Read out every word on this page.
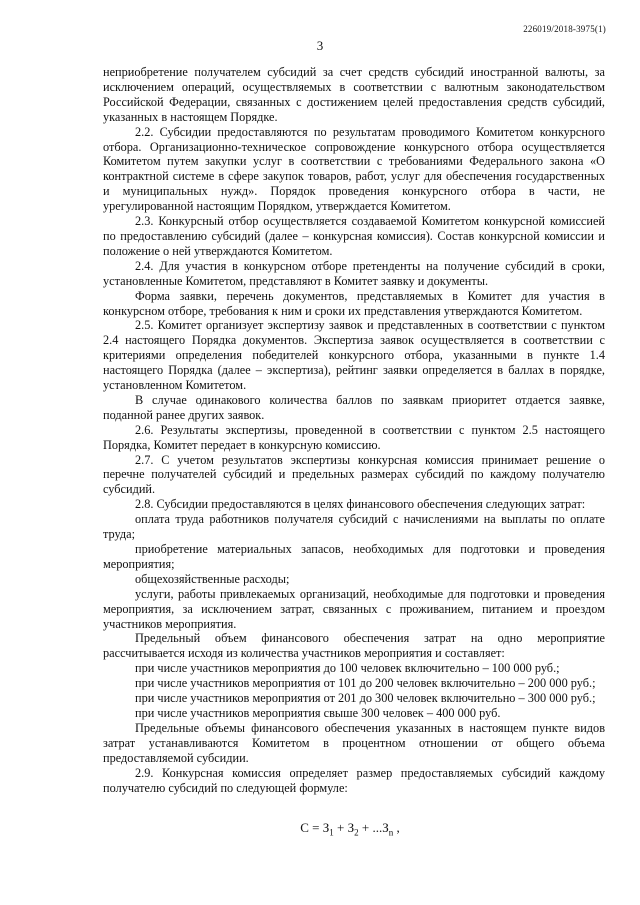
226019/2018-3975(1)
3

неприобретение получателем субсидий за счет средств субсидий иностранной валюты, за исключением операций, осуществляемых в соответствии с валютным законодательством Российской Федерации, связанных с достижением целей предоставления средств субсидий, указанных в настоящем Порядке.

2.2. Субсидии предоставляются по результатам проводимого Комитетом конкурсного отбора. Организационно-техническое сопровождение конкурсного отбора осуществляется Комитетом путем закупки услуг в соответствии с требованиями Федерального закона «О контрактной системе в сфере закупок товаров, работ, услуг для обеспечения государственных и муниципальных нужд». Порядок проведения конкурсного отбора в части, не урегулированной настоящим Порядком, утверждается Комитетом.

2.3. Конкурсный отбор осуществляется создаваемой Комитетом конкурсной комиссией по предоставлению субсидий (далее – конкурсная комиссия). Состав конкурсной комиссии и положение о ней утверждаются Комитетом.

2.4. Для участия в конкурсном отборе претенденты на получение субсидий в сроки, установленные Комитетом, представляют в Комитет заявку и документы.

Форма заявки, перечень документов, представляемых в Комитет для участия в конкурсном отборе, требования к ним и сроки их представления утверждаются Комитетом.

2.5. Комитет организует экспертизу заявок и представленных в соответствии с пунктом 2.4 настоящего Порядка документов. Экспертиза заявок осуществляется в соответствии с критериями определения победителей конкурсного отбора, указанными в пункте 1.4 настоящего Порядка (далее – экспертиза), рейтинг заявки определяется в баллах в порядке, установленном Комитетом.

В случае одинакового количества баллов по заявкам приоритет отдается заявке, поданной ранее других заявок.

2.6. Результаты экспертизы, проведенной в соответствии с пунктом 2.5 настоящего Порядка, Комитет передает в конкурсную комиссию.

2.7. С учетом результатов экспертизы конкурсная комиссия принимает решение о перечне получателей субсидий и предельных размерах субсидий по каждому получателю субсидий.

2.8. Субсидии предоставляются в целях финансового обеспечения следующих затрат:

оплата труда работников получателя субсидий с начислениями на выплаты по оплате труда;

приобретение материальных запасов, необходимых для подготовки и проведения мероприятия;

общехозяйственные расходы;

услуги, работы привлекаемых организаций, необходимые для подготовки и проведения мероприятия, за исключением затрат, связанных с проживанием, питанием и проездом участников мероприятия.

Предельный объем финансового обеспечения затрат на одно мероприятие рассчитывается исходя из количества участников мероприятия и составляет:

при числе участников мероприятия до 100 человек включительно – 100 000 руб.;

при числе участников мероприятия от 101 до 200 человек включительно – 200 000 руб.;

при числе участников мероприятия от 201 до 300 человек включительно – 300 000 руб.;

при числе участников мероприятия свыше 300 человек – 400 000 руб.

Предельные объемы финансового обеспечения указанных в настоящем пункте видов затрат устанавливаются Комитетом в процентном отношении от общего объема предоставляемой субсидии.

2.9. Конкурсная комиссия определяет размер предоставляемых субсидий каждому получателю субсидий по следующей формуле:

$С = З_1 + З_2 + ...З_n$ ,
